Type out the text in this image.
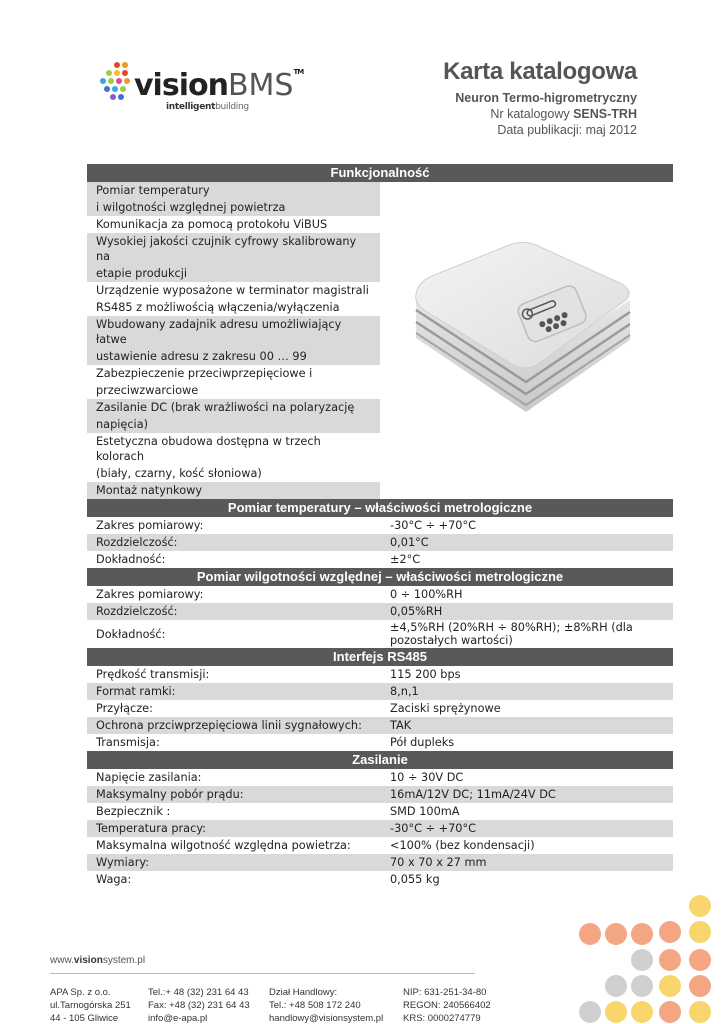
visionBMS™
intelligentbuilding
Karta katalogowa
Neuron Termo-higrometryczny
Nr katalogowy SENS-TRH
Data publikacji: maj 2012
Funkcjonalność
Pomiar temperatury
i wilgotności względnej powietrza
Komunikacja za pomocą protokołu ViBUS
Wysokiej jakości czujnik cyfrowy skalibrowany na
etapie produkcji
Urządzenie wyposażone w terminator magistrali
RS485 z możliwością włączenia/wyłączenia
Wbudowany zadajnik adresu umożliwiający łatwe
ustawienie adresu z zakresu 00 … 99
Zabezpieczenie przeciwprzepięciowe i
przeciwzwarciowe
Zasilanie DC (brak wrażliwości na polaryzację
napięcia)
Estetyczna obudowa dostępna w trzech kolorach
(biały, czarny, kość słoniowa)
Montaż natynkowy
Pomiar temperatury – właściwości metrologiczne
Zakres pomiarowy:	-30°C ÷ +70°C
Rozdzielczość:	0,01°C
Dokładność:	±2°C
Pomiar wilgotności względnej – właściwości metrologiczne
Zakres pomiarowy:	0 ÷ 100%RH
Rozdzielczość:	0,05%RH
Dokładność:	±4,5%RH (20%RH ÷ 80%RH); ±8%RH (dla pozostałych wartości)
Interfejs RS485
Prędkość transmisji:	115 200 bps
Format ramki:	8,n,1
Przyłącze:	Zaciski sprężynowe
Ochrona przciwprzepięciowa linii sygnałowych:	TAK
Transmisja:	Pół dupleks
Zasilanie
Napięcie zasilania:	10 ÷ 30V DC
Maksymalny pobór prądu:	16mA/12V DC; 11mA/24V DC
Bezpiecznik :	SMD 100mA
Temperatura pracy:	-30°C ÷ +70°C
Maksymalna wilgotność względna powietrza:	<100% (bez kondensacji)
Wymiary:	70 x 70 x 27 mm
Waga:	0,055 kg
www.visionsystem.pl
APA Sp. z o.o.
ul.Tarnogórska 251
44 - 105 Gliwice
Tel.:+ 48 (32) 231 64 43
Fax: +48 (32) 231 64 43
info@e-apa.pl
Dział Handlowy:
Tel.: +48 508 172 240
handlowy@visionsystem.pl
NIP: 631-251-34-80
REGON: 240566402
KRS: 0000274779
